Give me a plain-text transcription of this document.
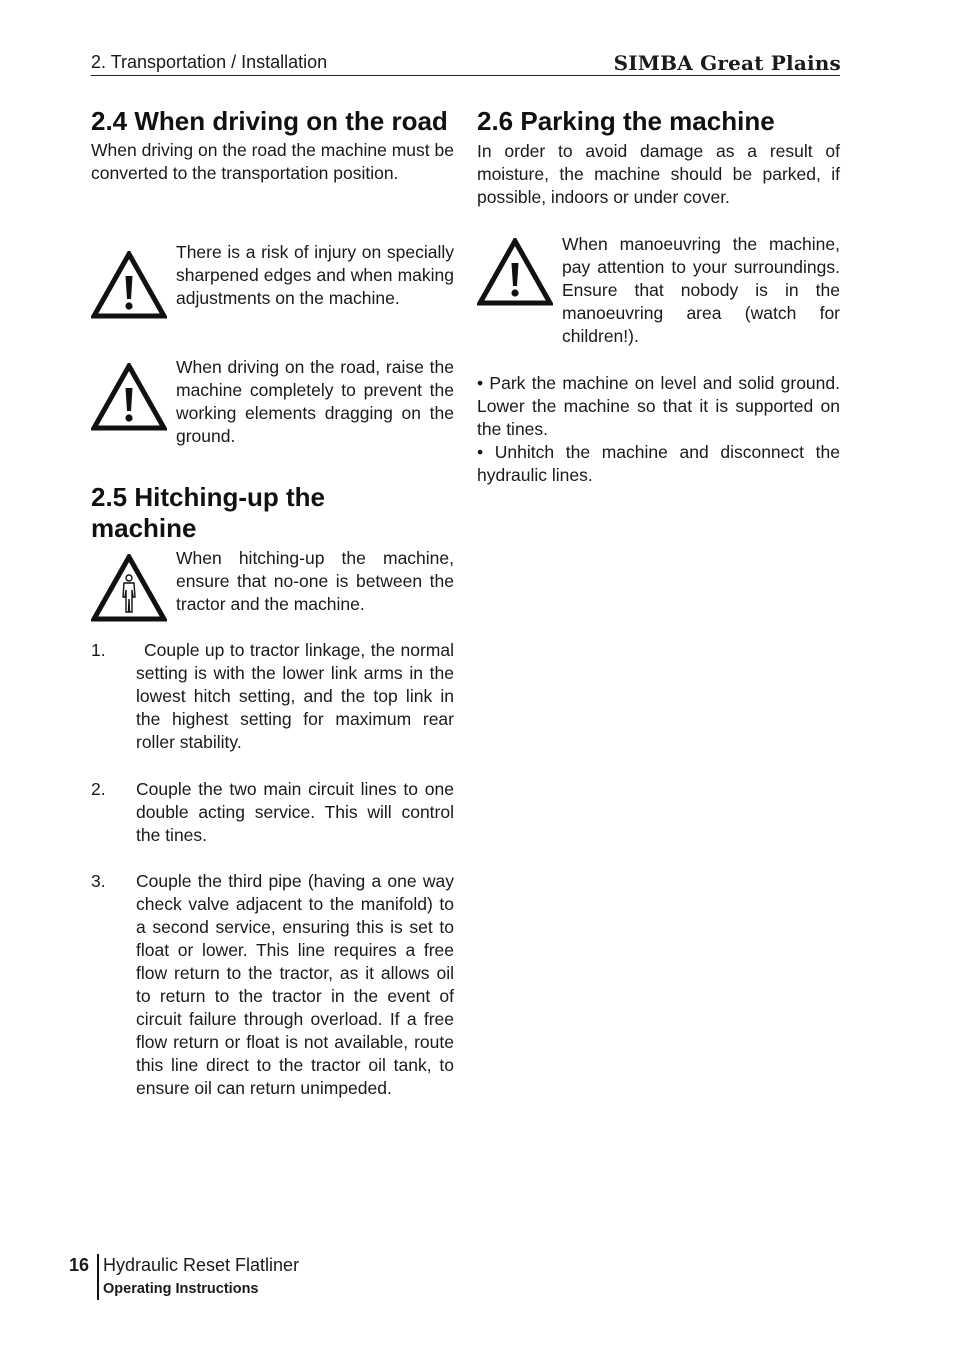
2. Transportation / Installation	SIMBA Great Plains
2.4 When driving on the road

When driving on the road the machine must be converted to the transportation position.

There is a risk of injury on specially sharpened edges and when making adjustments on the machine.
When driving on the road, raise the machine completely to prevent the working elements dragging on the ground.
2.5 Hitching-up the machine
When hitching-up the machine, ensure that no-one is between the tractor and the machine.
1.	Couple up to tractor linkage, the normal setting is with the lower link arms in the lowest hitch setting, and the top link in the highest setting for maximum rear roller stability.
2. Couple the two main circuit lines to one double acting service. This will control the tines.
3. Couple the third pipe (having a one way check valve adjacent to the manifold) to a second service, ensuring this is set to float or lower. This line requires a free flow return to the tractor, as it allows oil to return to the tractor in the event of circuit failure through overload. If a free flow return or float is not available, route this line direct to the tractor oil tank, to ensure oil can return unimpeded.
2.6 Parking the machine

In order to avoid damage as a result of moisture, the machine should be parked, if possible, indoors or under cover.

When manoeuvring the machine, pay attention to your surroundings. Ensure that nobody is in the manoeuvring area (watch for children!).

• Park the machine on level and solid ground. Lower the machine so that it is supported on the tines.

• Unhitch the machine and disconnect the hydraulic lines.

16 Hydraulic Reset Flatliner
Operating Instructions
